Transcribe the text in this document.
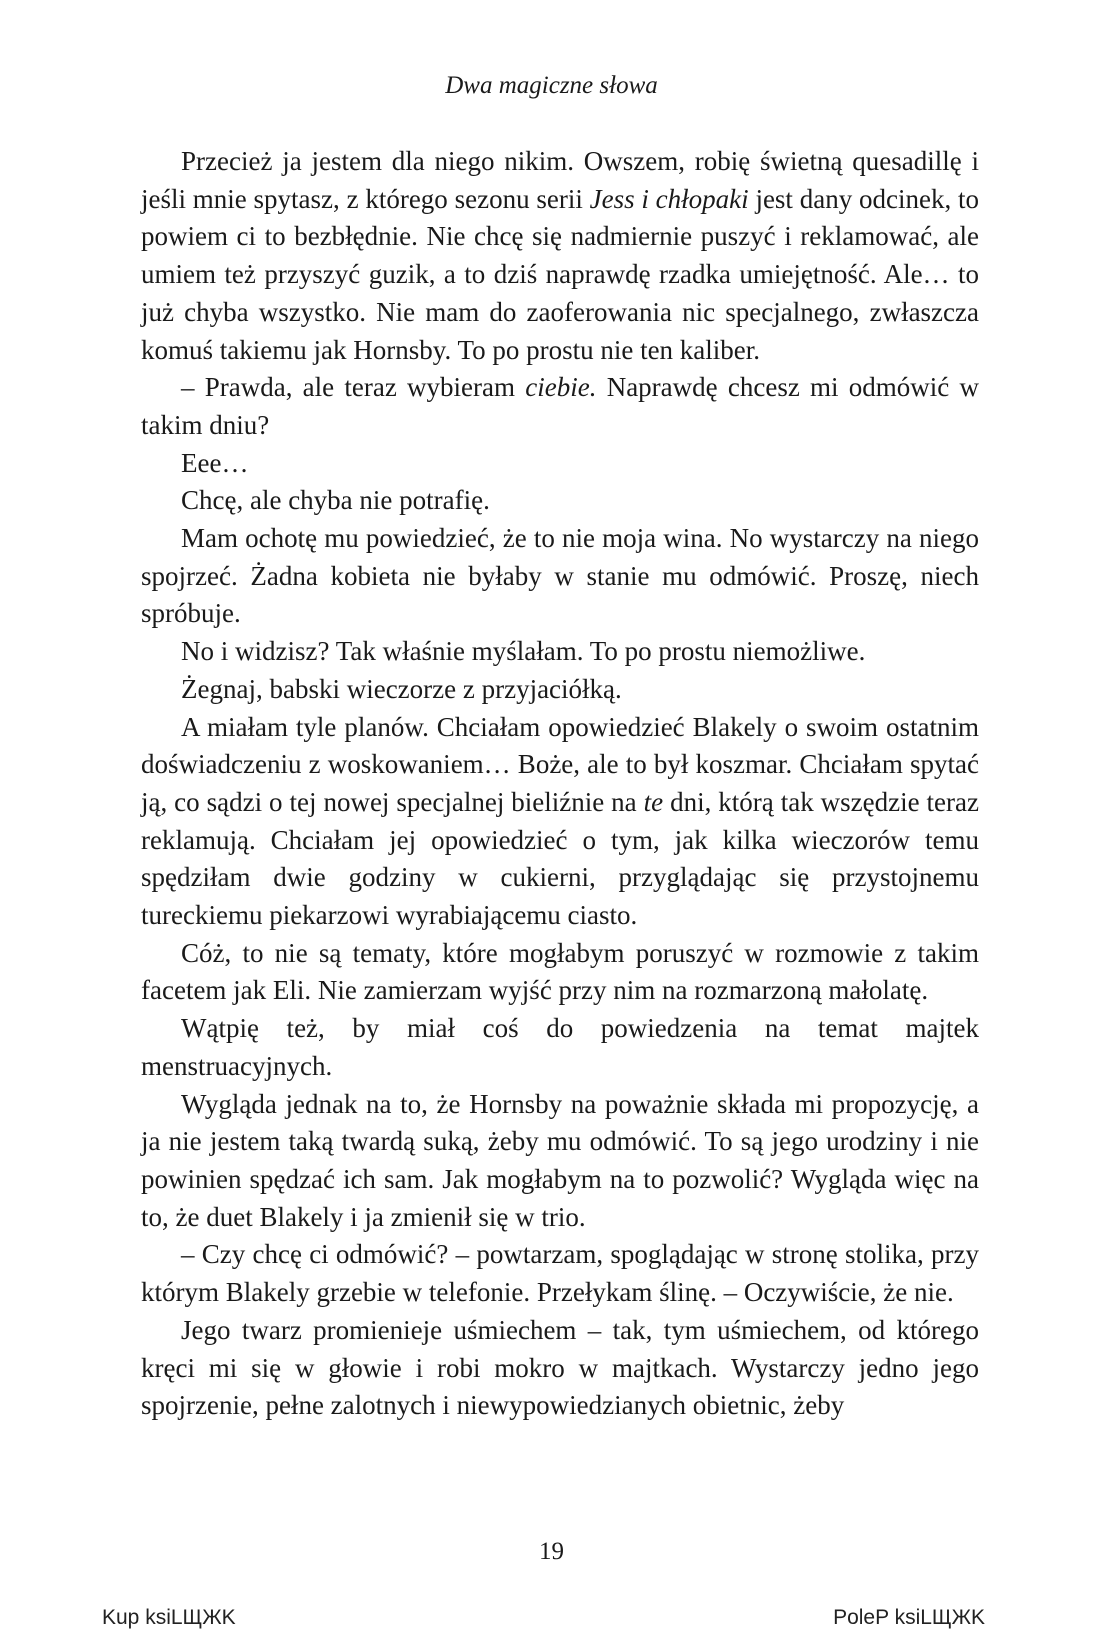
Dwa magiczne słowa

Przecież ja jestem dla niego nikim. Owszem, robię świetną quesadillę i jeśli mnie spytasz, z którego sezonu serii Jess i chłopaki jest dany odcinek, to powiem ci to bezbłędnie. Nie chcę się nadmiernie puszyć i reklamować, ale umiem też przyszyć guzik, a to dziś naprawdę rzadka umiejętność. Ale… to już chyba wszystko. Nie mam do zaoferowania nic specjalnego, zwłaszcza komuś takiemu jak Hornsby. To po prostu nie ten kaliber.

– Prawda, ale teraz wybieram ciebie. Naprawdę chcesz mi odmówić w takim dniu?

Eee…

Chcę, ale chyba nie potrafię.

Mam ochotę mu powiedzieć, że to nie moja wina. No wystarczy na niego spojrzeć. Żadna kobieta nie byłaby w stanie mu odmówić. Proszę, niech spróbuje.

No i widzisz? Tak właśnie myślałam. To po prostu niemożliwe.

Żegnaj, babski wieczorze z przyjaciółką.

A miałam tyle planów. Chciałam opowiedzieć Blakely o swoim ostatnim doświadczeniu z woskowaniem… Boże, ale to był koszmar. Chciałam spytać ją, co sądzi o tej nowej specjalnej bieliźnie na te dni, którą tak wszędzie teraz reklamują. Chciałam jej opowiedzieć o tym, jak kilka wieczorów temu spędziłam dwie godziny w cukierni, przyglądając się przystojnemu tureckiemu piekarzowi wyrabiającemu ciasto.

Cóż, to nie są tematy, które mogłabym poruszyć w rozmowie z takim facetem jak Eli. Nie zamierzam wyjść przy nim na rozmarzoną małolatę.

Wątpię też, by miał coś do powiedzenia na temat majtek menstruacyjnych.

Wygląda jednak na to, że Hornsby na poważnie składa mi propozycję, a ja nie jestem taką twardą suką, żeby mu odmówić. To są jego urodziny i nie powinien spędzać ich sam. Jak mogłabym na to pozwolić? Wygląda więc na to, że duet Blakely i ja zmienił się w trio.

– Czy chcę ci odmówić? – powtarzam, spoglądając w stronę stolika, przy którym Blakely grzebie w telefonie. Przełykam ślinę. – Oczywiście, że nie.

Jego twarz promienieje uśmiechem – tak, tym uśmiechem, od którego kręci mi się w głowie i robi mokro w majtkach. Wystarczy jedno jego spojrzenie, pełne zalotnych i niewypowiedzianych obietnic, żeby

19
Kup ksiLЩЖK	PoleP ksiLЩЖK
